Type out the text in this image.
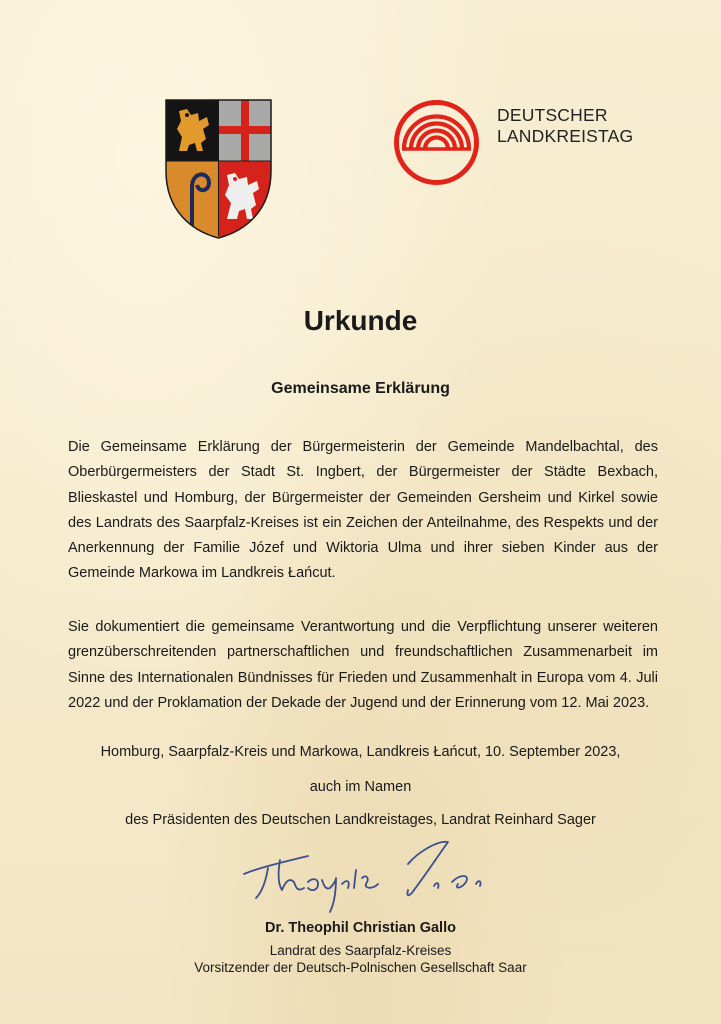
DEUTSCHER
LANDKREISTAG
Urkunde
Gemeinsame Erklärung

Die Gemeinsame Erklärung der Bürgermeisterin der Gemeinde Mandelbachtal, des Oberbürgermeisters der Stadt St. Ingbert, der Bürgermeister der Städte Bexbach, Blieskastel und Homburg, der Bürgermeister der Gemeinden Gersheim und Kirkel sowie des Landrats des Saarpfalz-Kreises ist ein Zeichen der Anteilnahme, des Respekts und der Anerkennung der Familie Józef und Wiktoria Ulma und ihrer sieben Kinder aus der Gemeinde Markowa im Landkreis Łańcut.

Sie dokumentiert die gemeinsame Verantwortung und die Verpflichtung unserer weiteren grenzüberschreitenden partnerschaftlichen und freundschaftlichen Zusammenarbeit im Sinne des Internationalen Bündnisses für Frieden und Zusammenhalt in Europa vom 4. Juli 2022 und der Proklamation der Dekade der Jugend und der Erinnerung vom 12. Mai 2023.

Homburg, Saarpfalz-Kreis und Markowa, Landkreis Łańcut, 10. September 2023,

auch im Namen

des Präsidenten des Deutschen Landkreistages, Landrat Reinhard Sager

Dr. Theophil Christian Gallo

Landrat des Saarpfalz-Kreises

Vorsitzender der Deutsch-Polnischen Gesellschaft Saar
